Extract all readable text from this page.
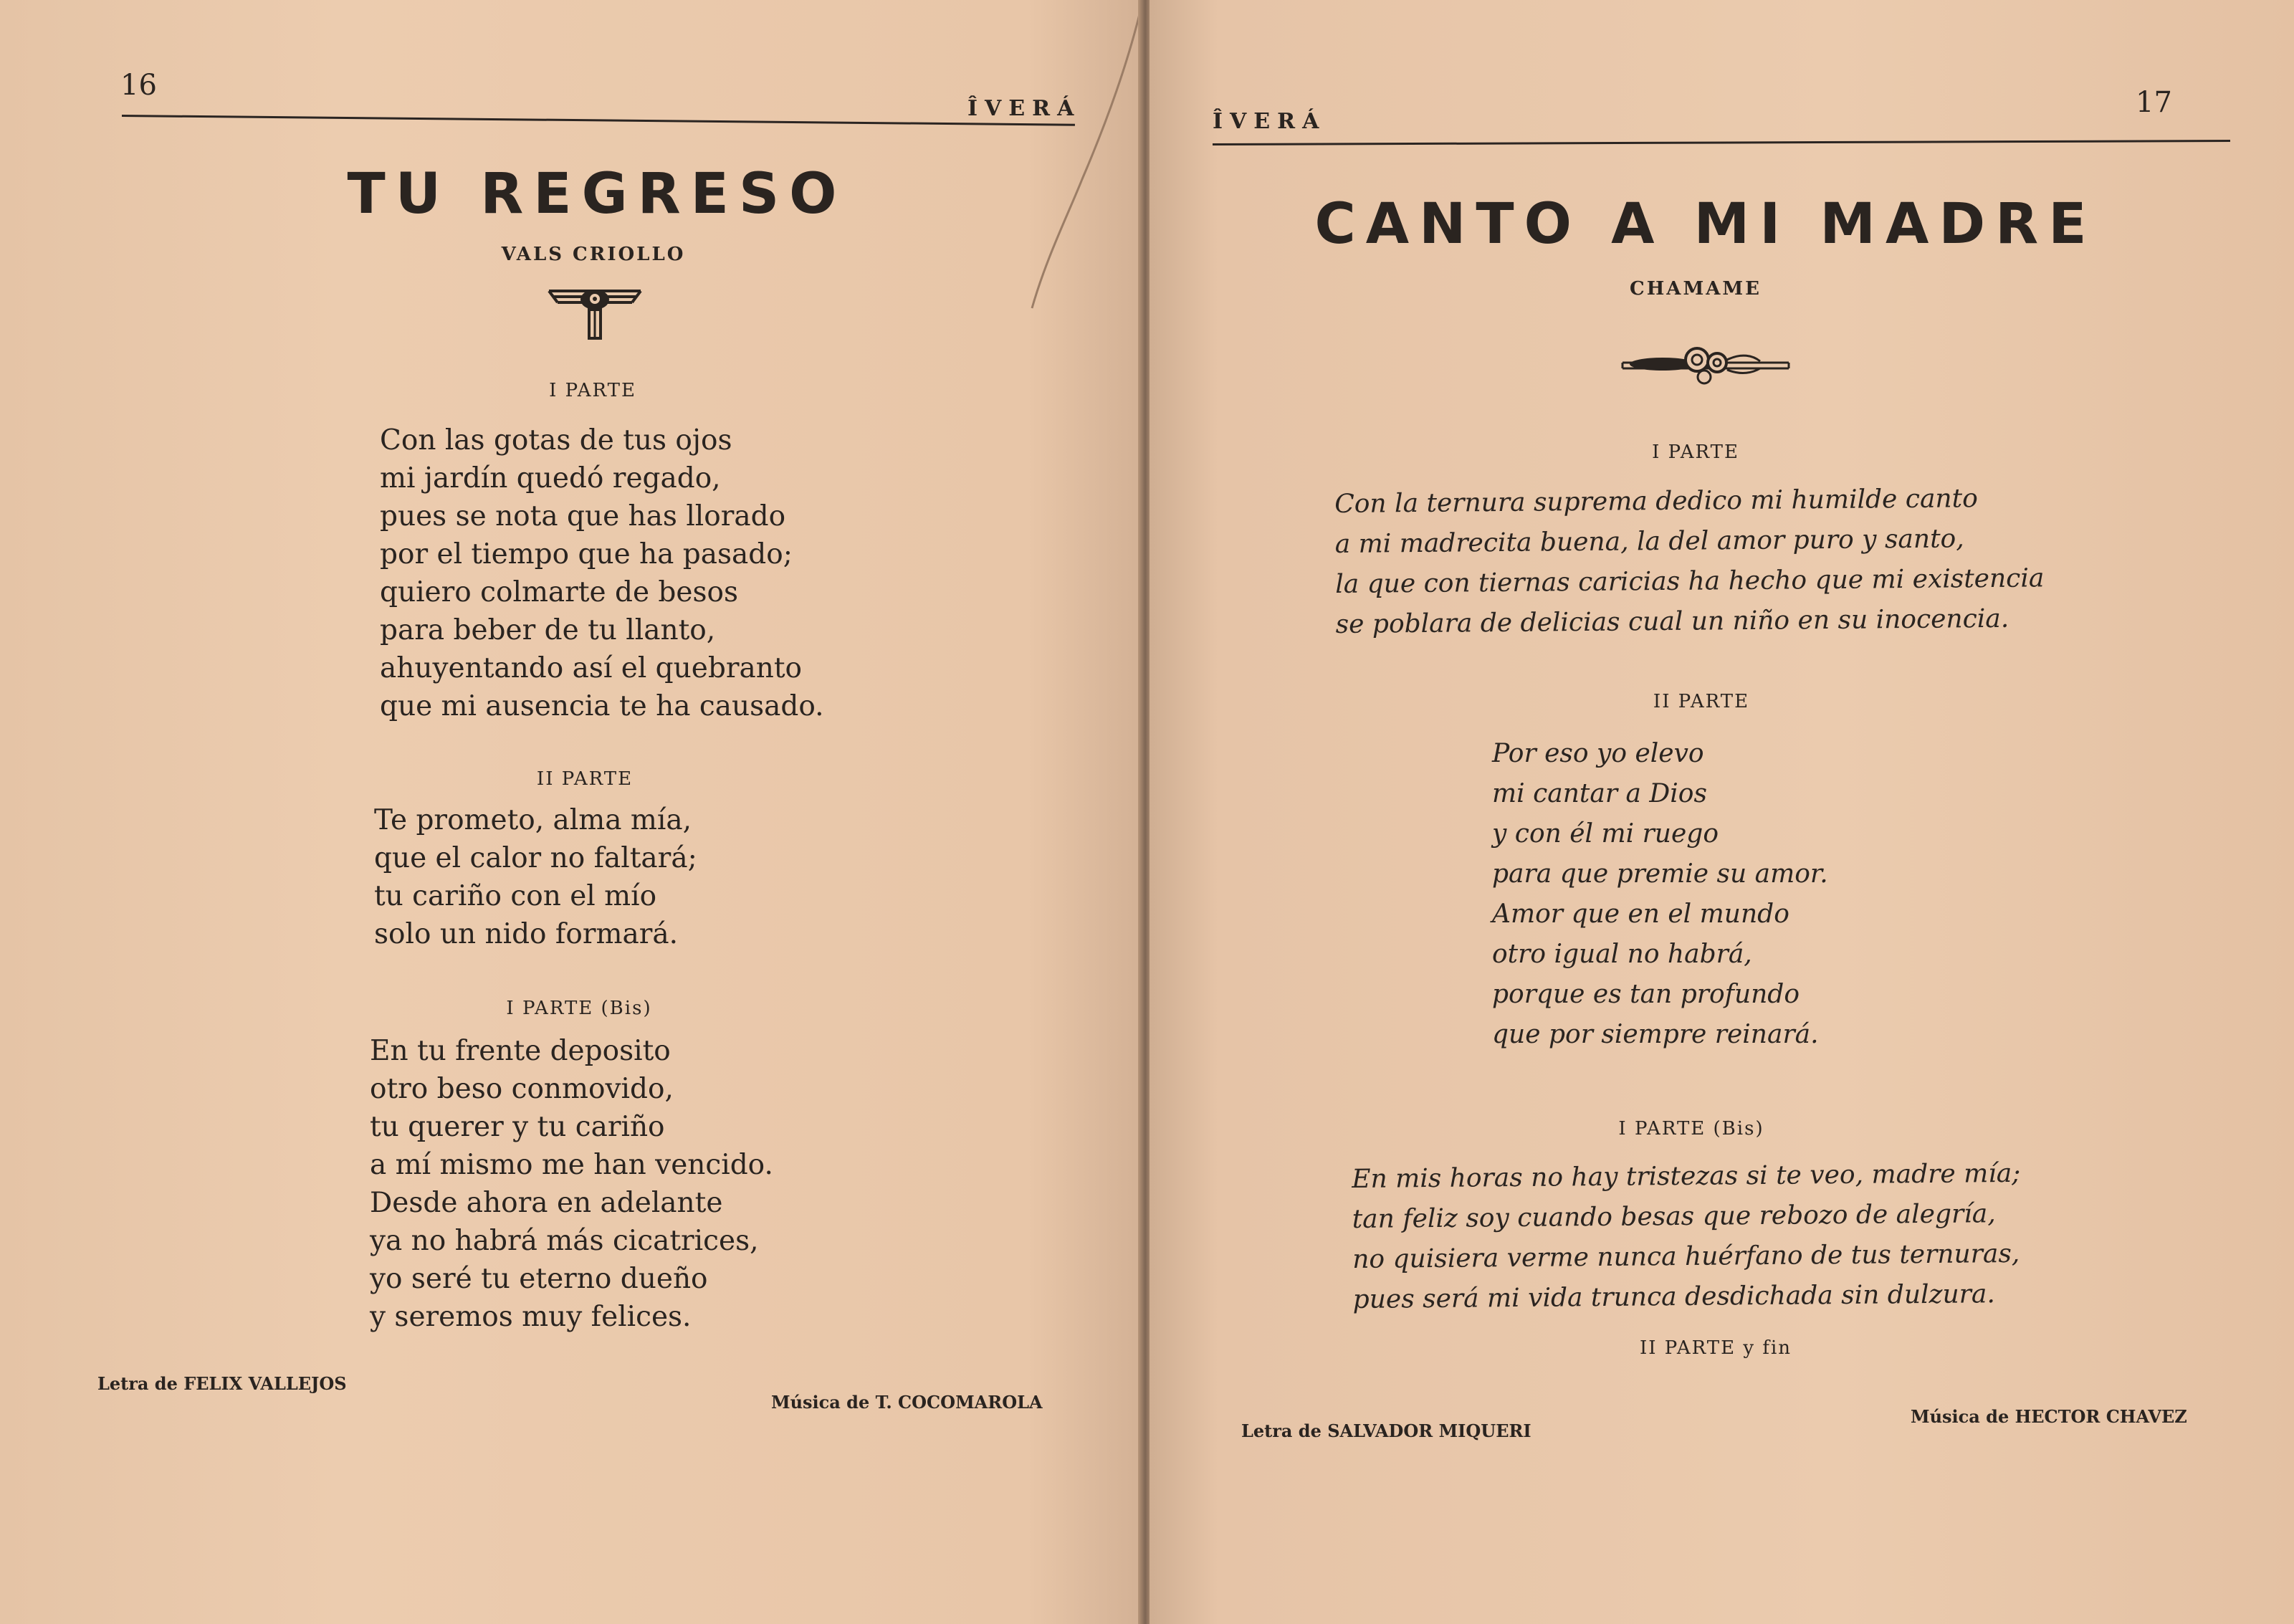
16
ÎVERÁ
TU REGRESO
VALS CRIOLLO
I PARTE
Con las gotas de tus ojos
mi jardín quedó regado,
pues se nota que has llorado
por el tiempo que ha pasado;
quiero colmarte de besos
para beber de tu llanto,
ahuyentando así el quebranto
que mi ausencia te ha causado.
II PARTE
Te prometo, alma mía,
que el calor no faltará;
tu cariño con el mío
solo un nido formará.
I PARTE (Bis)
En tu frente deposito
otro beso conmovido,
tu querer y tu cariño
a mí mismo me han vencido.
Desde ahora en adelante
ya no habrá más cicatrices,
yo seré tu eterno dueño
y seremos muy felices.
Letra de FELIX VALLEJOS
Música de T. COCOMAROLA
ÎVERÁ
17
CANTO A MI MADRE
CHAMAME
I PARTE
Con la ternura suprema dedico mi humilde canto
a mi madrecita buena, la del amor puro y santo,
la que con tiernas caricias ha hecho que mi existencia
se poblara de delicias cual un niño en su inocencia.
II PARTE
Por eso yo elevo
mi cantar a Dios
y con él mi ruego
para que premie su amor.
Amor que en el mundo
otro igual no habrá,
porque es tan profundo
que por siempre reinará.
I PARTE (Bis)
En mis horas no hay tristezas si te veo, madre mía;
tan feliz soy cuando besas que rebozo de alegría,
no quisiera verme nunca huérfano de tus ternuras,
pues será mi vida trunca desdichada sin dulzura.
II PARTE y fin
Letra de SALVADOR MIQUERI
Música de HECTOR CHAVEZ
